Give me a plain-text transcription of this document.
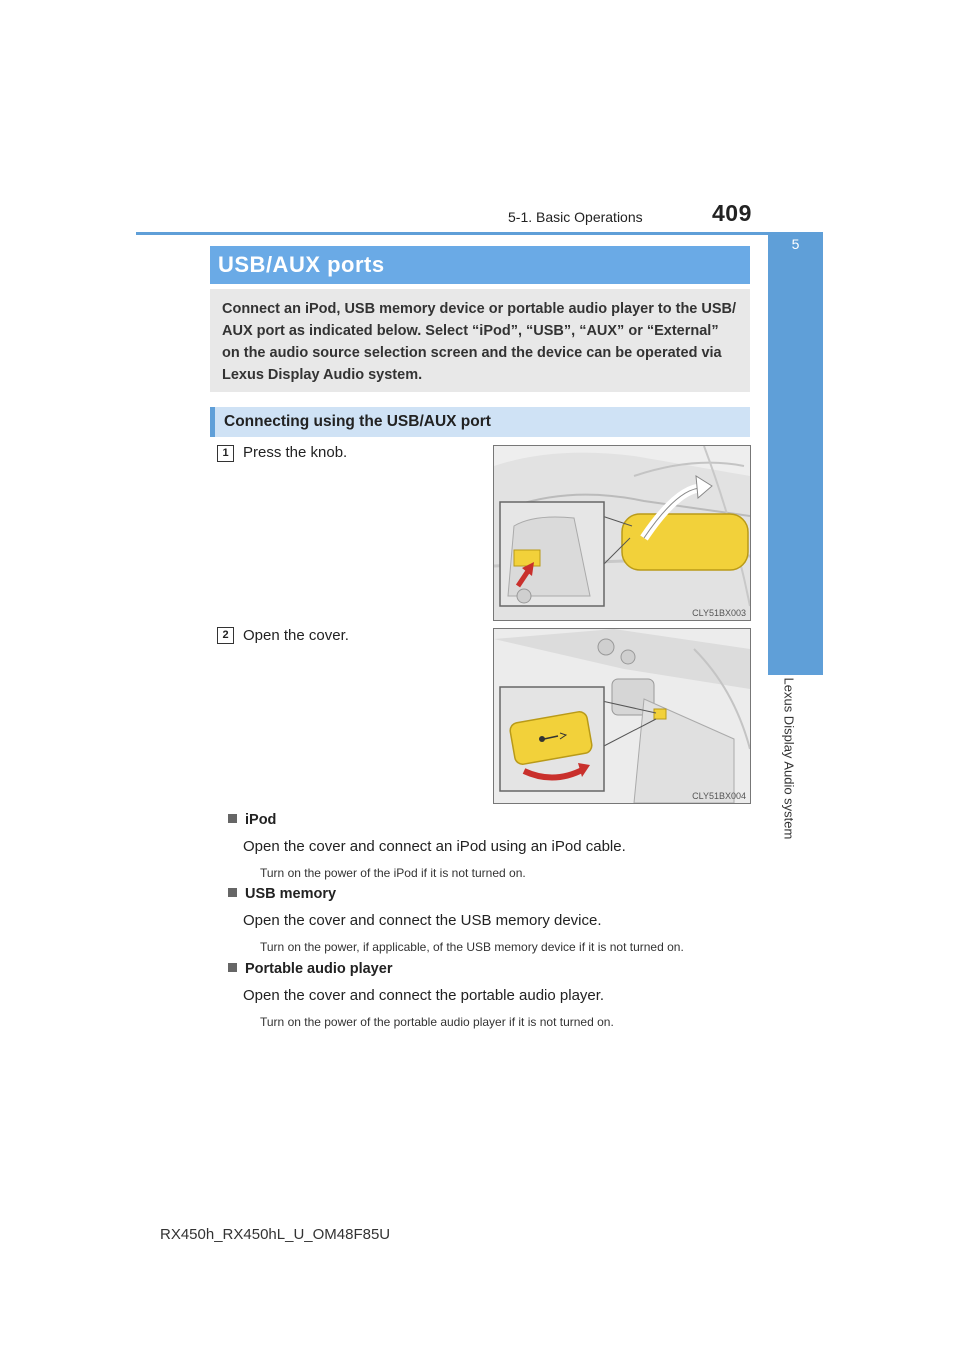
5-1. Basic Operations	409
5
Lexus Display Audio system
USB/AUX ports
Connect an iPod, USB memory device or portable audio player to the USB/ AUX port as indicated below. Select “iPod”, “USB”, “AUX” or “External” on the audio source selection screen and the device can be operated via Lexus Display Audio system.
Connecting using the USB/AUX port
1 Press the knob.
CLY51BX003
2 Open the cover.
CLY51BX004
iPod
Open the cover and connect an iPod using an iPod cable.
Turn on the power of the iPod if it is not turned on.
USB memory
Open the cover and connect the USB memory device.
Turn on the power, if applicable, of the USB memory device if it is not turned on.
Portable audio player
Open the cover and connect the portable audio player.
Turn on the power of the portable audio player if it is not turned on.
RX450h_RX450hL_U_OM48F85U
